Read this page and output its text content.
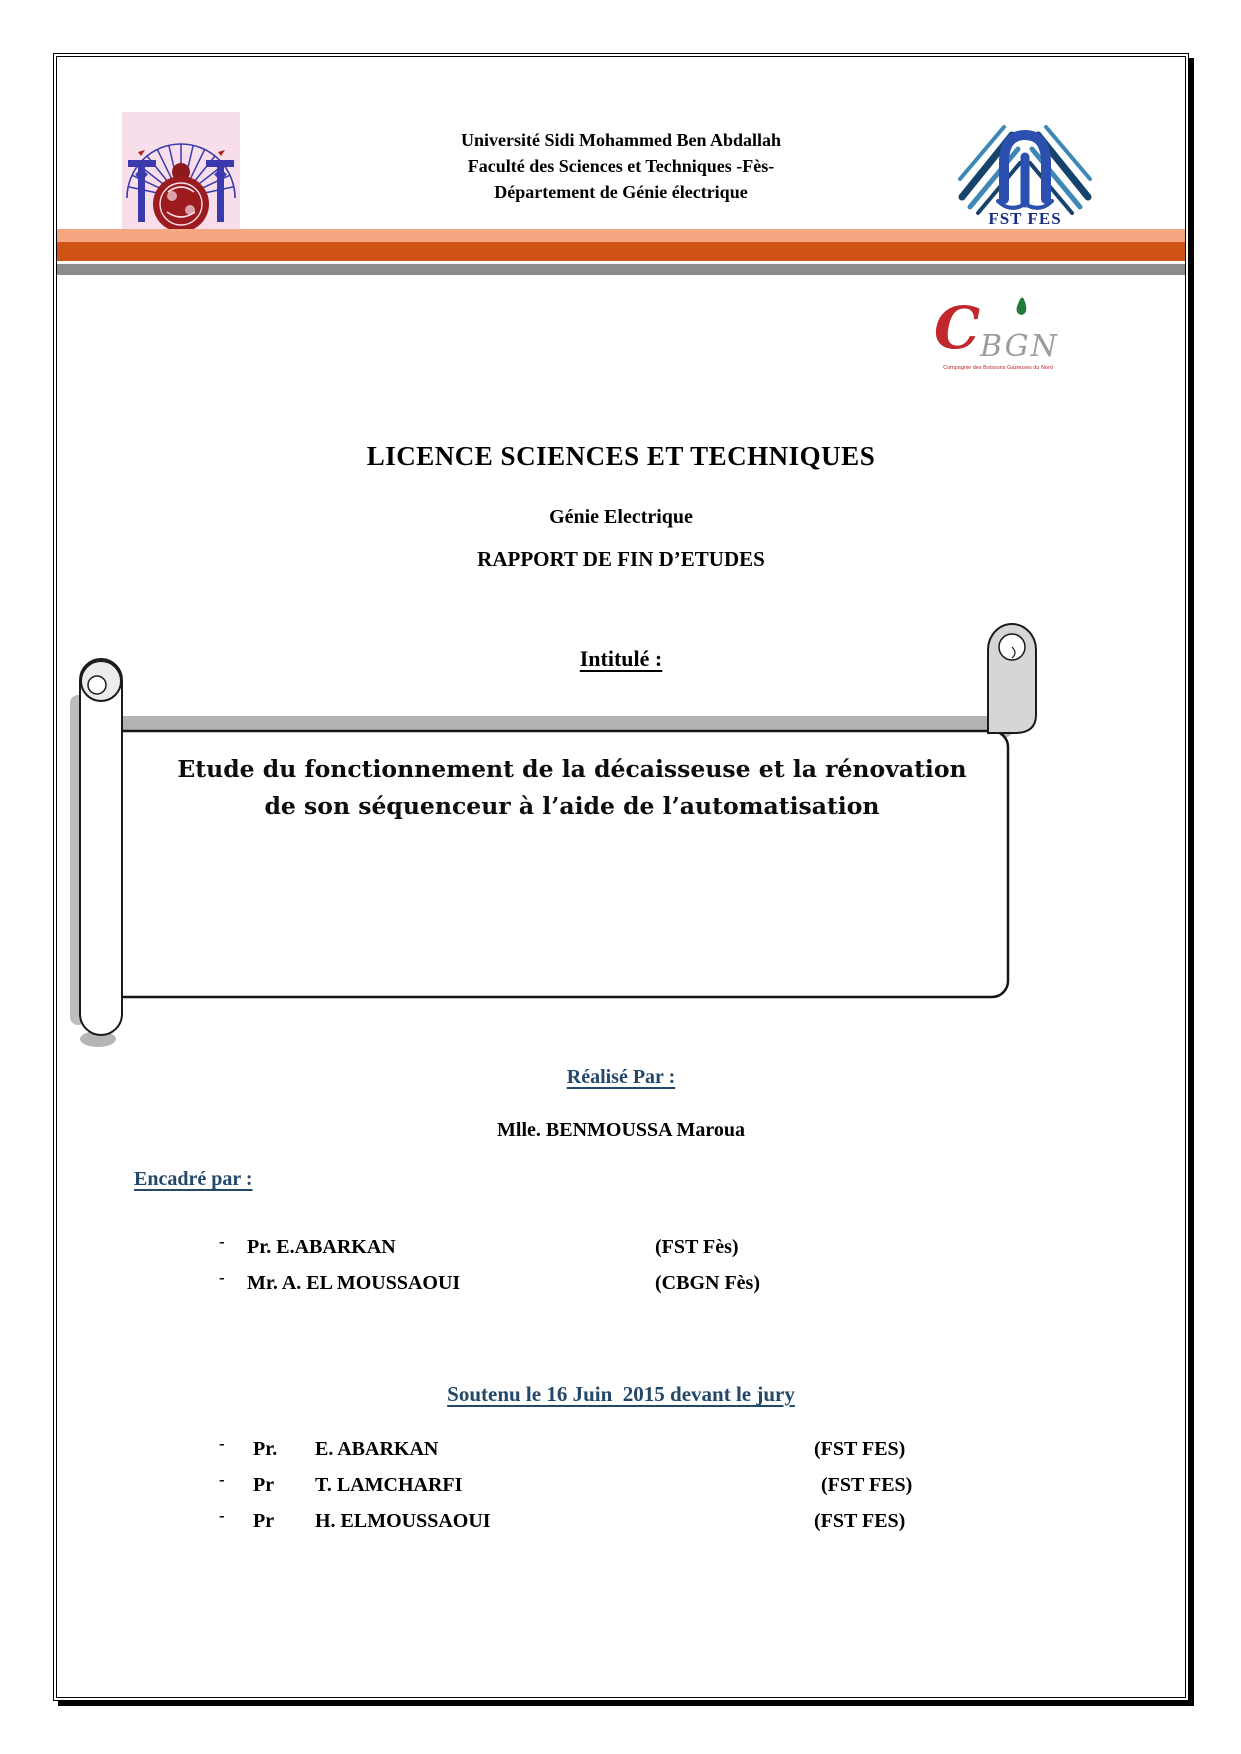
Université Sidi Mohammed Ben Abdallah
Faculté des Sciences et Techniques -Fès-
Département de Génie électrique
FST FES
C BGN
Compagnie des Boissons Gazeuses du Nord
LICENCE SCIENCES ET TECHNIQUES
Génie Electrique
RAPPORT DE FIN D’ETUDES
Intitulé :
Etude du fonctionnement de la décaisseuse et la rénovation
de son séquenceur à l’aide de l’automatisation
Réalisé Par :
Mlle. BENMOUSSA Maroua
Encadré par :
- Pr. E.ABARKAN	(FST Fès)
- Mr. A. EL MOUSSAOUI	(CBGN Fès)
Soutenu le 16 Juin  2015 devant le jury
- Pr. E. ABARKAN	(FST FES)
- Pr T. LAMCHARFI	(FST FES)
- Pr H. ELMOUSSAOUI	(FST FES)
